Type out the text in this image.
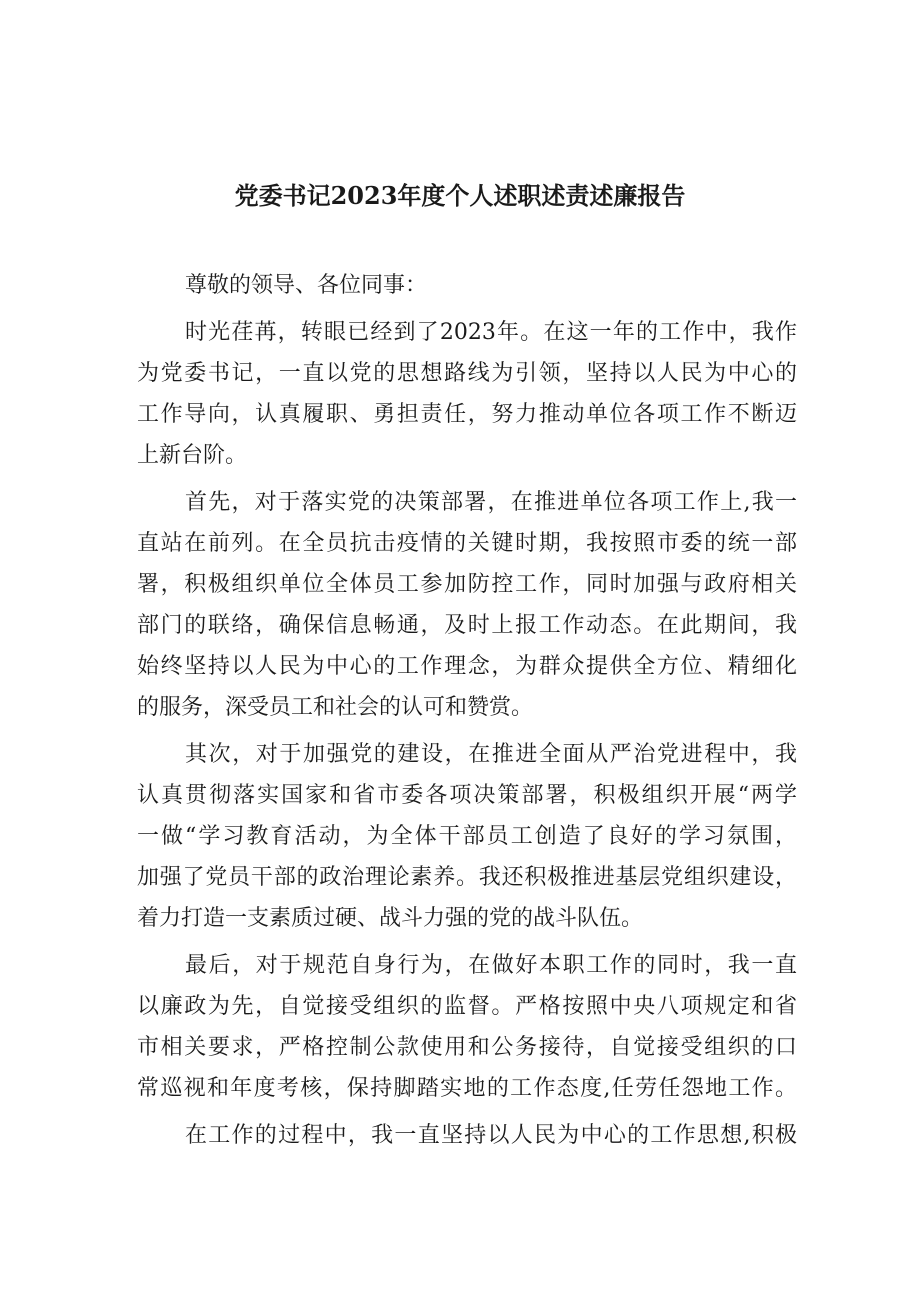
党委书记2023年度个人述职述责述廉报告

尊敬的领导、各位同事：

时光荏苒，转眼已经到了2023年。在这一年的工作中，我作
为党委书记，一直以党的思想路线为引领，坚持以人民为中心的
工作导向，认真履职、勇担责任，努力推动单位各项工作不断迈
上新台阶。

首先，对于落实党的决策部署，在推进单位各项工作上,我一
直站在前列。在全员抗击疫情的关键时期，我按照市委的统一部
署，积极组织单位全体员工参加防控工作，同时加强与政府相关
部门的联络，确保信息畅通，及时上报工作动态。在此期间，我
始终坚持以人民为中心的工作理念，为群众提供全方位、精细化
的服务，深受员工和社会的认可和赞赏。

其次，对于加强党的建设，在推进全面从严治党进程中，我
认真贯彻落实国家和省市委各项决策部署，积极组织开展“两学
一做“学习教育活动，为全体干部员工创造了良好的学习氛围，
加强了党员干部的政治理论素养。我还积极推进基层党组织建设，
着力打造一支素质过硬、战斗力强的党的战斗队伍。

最后，对于规范自身行为，在做好本职工作的同时，我一直
以廉政为先，自觉接受组织的监督。严格按照中央八项规定和省
市相关要求，严格控制公款使用和公务接待，自觉接受组织的口
常巡视和年度考核，保持脚踏实地的工作态度,任劳任怨地工作。

在工作的过程中，我一直坚持以人民为中心的工作思想,积极
